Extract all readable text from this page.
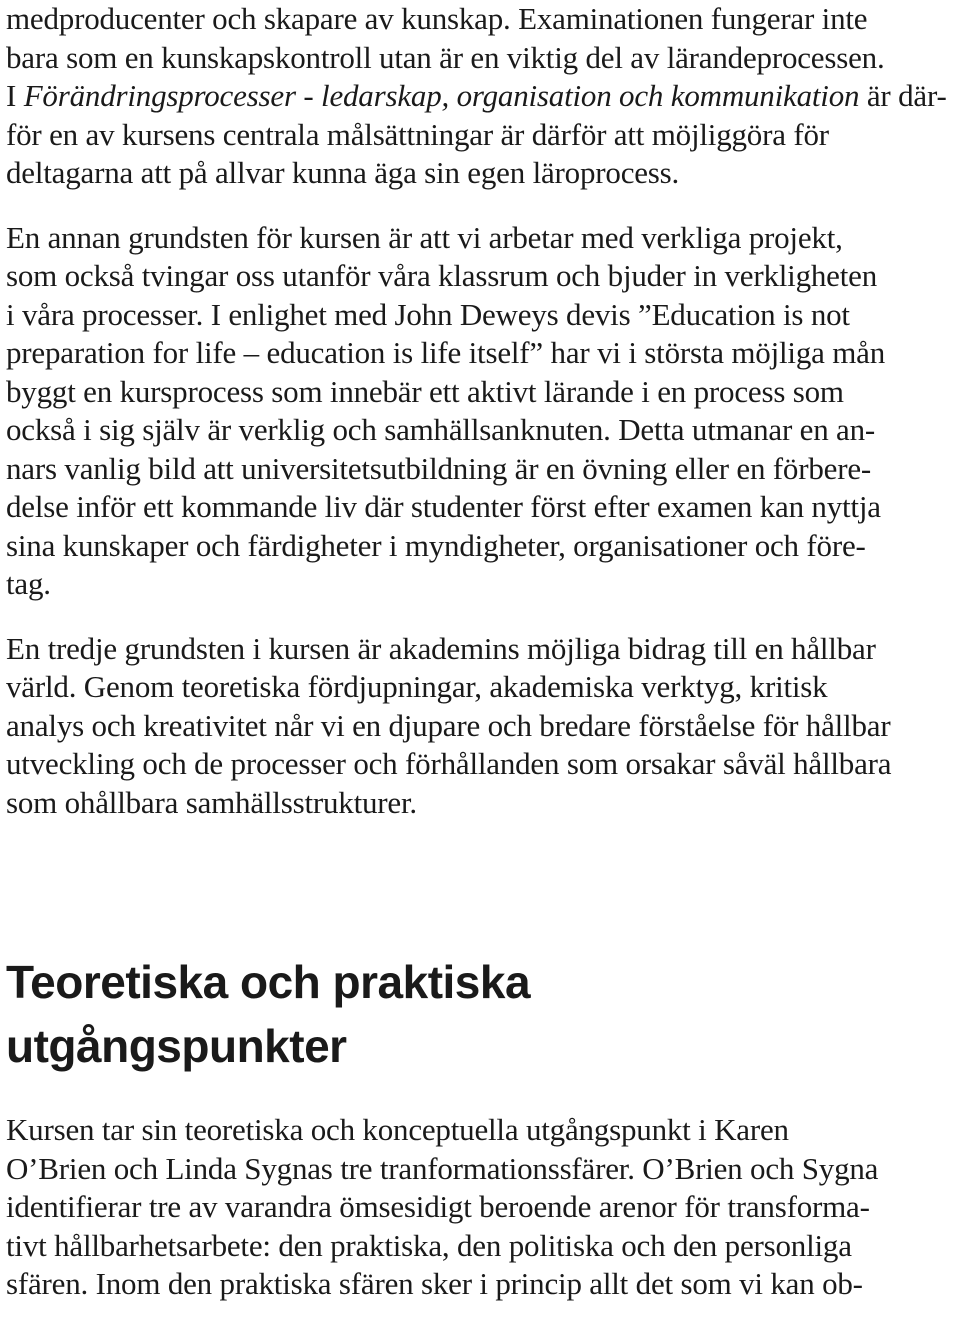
medproducenter och skapare av kunskap. Examinationen fungerar inte
bara som en kunskapskontroll utan är en viktig del av lärandeprocessen.
I Förändringsprocesser - ledarskap, organisation och kommunikation är där-
för en av kursens centrala målsättningar är därför att möjliggöra för
deltagarna att på allvar kunna äga sin egen läroprocess.
En annan grundsten för kursen är att vi arbetar med verkliga projekt,
som också tvingar oss utanför våra klassrum och bjuder in verkligheten
i våra processer. I enlighet med John Deweys devis ”Education is not
preparation for life – education is life itself” har vi i största möjliga mån
byggt en kursprocess som innebär ett aktivt lärande i en process som
också i sig själv är verklig och samhällsanknuten. Detta utmanar en an-
nars vanlig bild att universitetsutbildning är en övning eller en förbere-
delse inför ett kommande liv där studenter först efter examen kan nyttja
sina kunskaper och färdigheter i myndigheter, organisationer och före-
tag.
En tredje grundsten i kursen är akademins möjliga bidrag till en hållbar
värld. Genom teoretiska fördjupningar, akademiska verktyg, kritisk
analys och kreativitet når vi en djupare och bredare förståelse för hållbar
utveckling och de processer och förhållanden som orsakar såväl hållbara
som ohållbara samhällsstrukturer.
Teoretiska och praktiska
utgångspunkter
Kursen tar sin teoretiska och konceptuella utgångspunkt i Karen
O’Brien och Linda Sygnas tre tranformationssfärer. O’Brien och Sygna
identifierar tre av varandra ömsesidigt beroende arenor för transforma-
tivt hållbarhetsarbete: den praktiska, den politiska och den personliga
sfären. Inom den praktiska sfären sker i princip allt det som vi kan ob-
